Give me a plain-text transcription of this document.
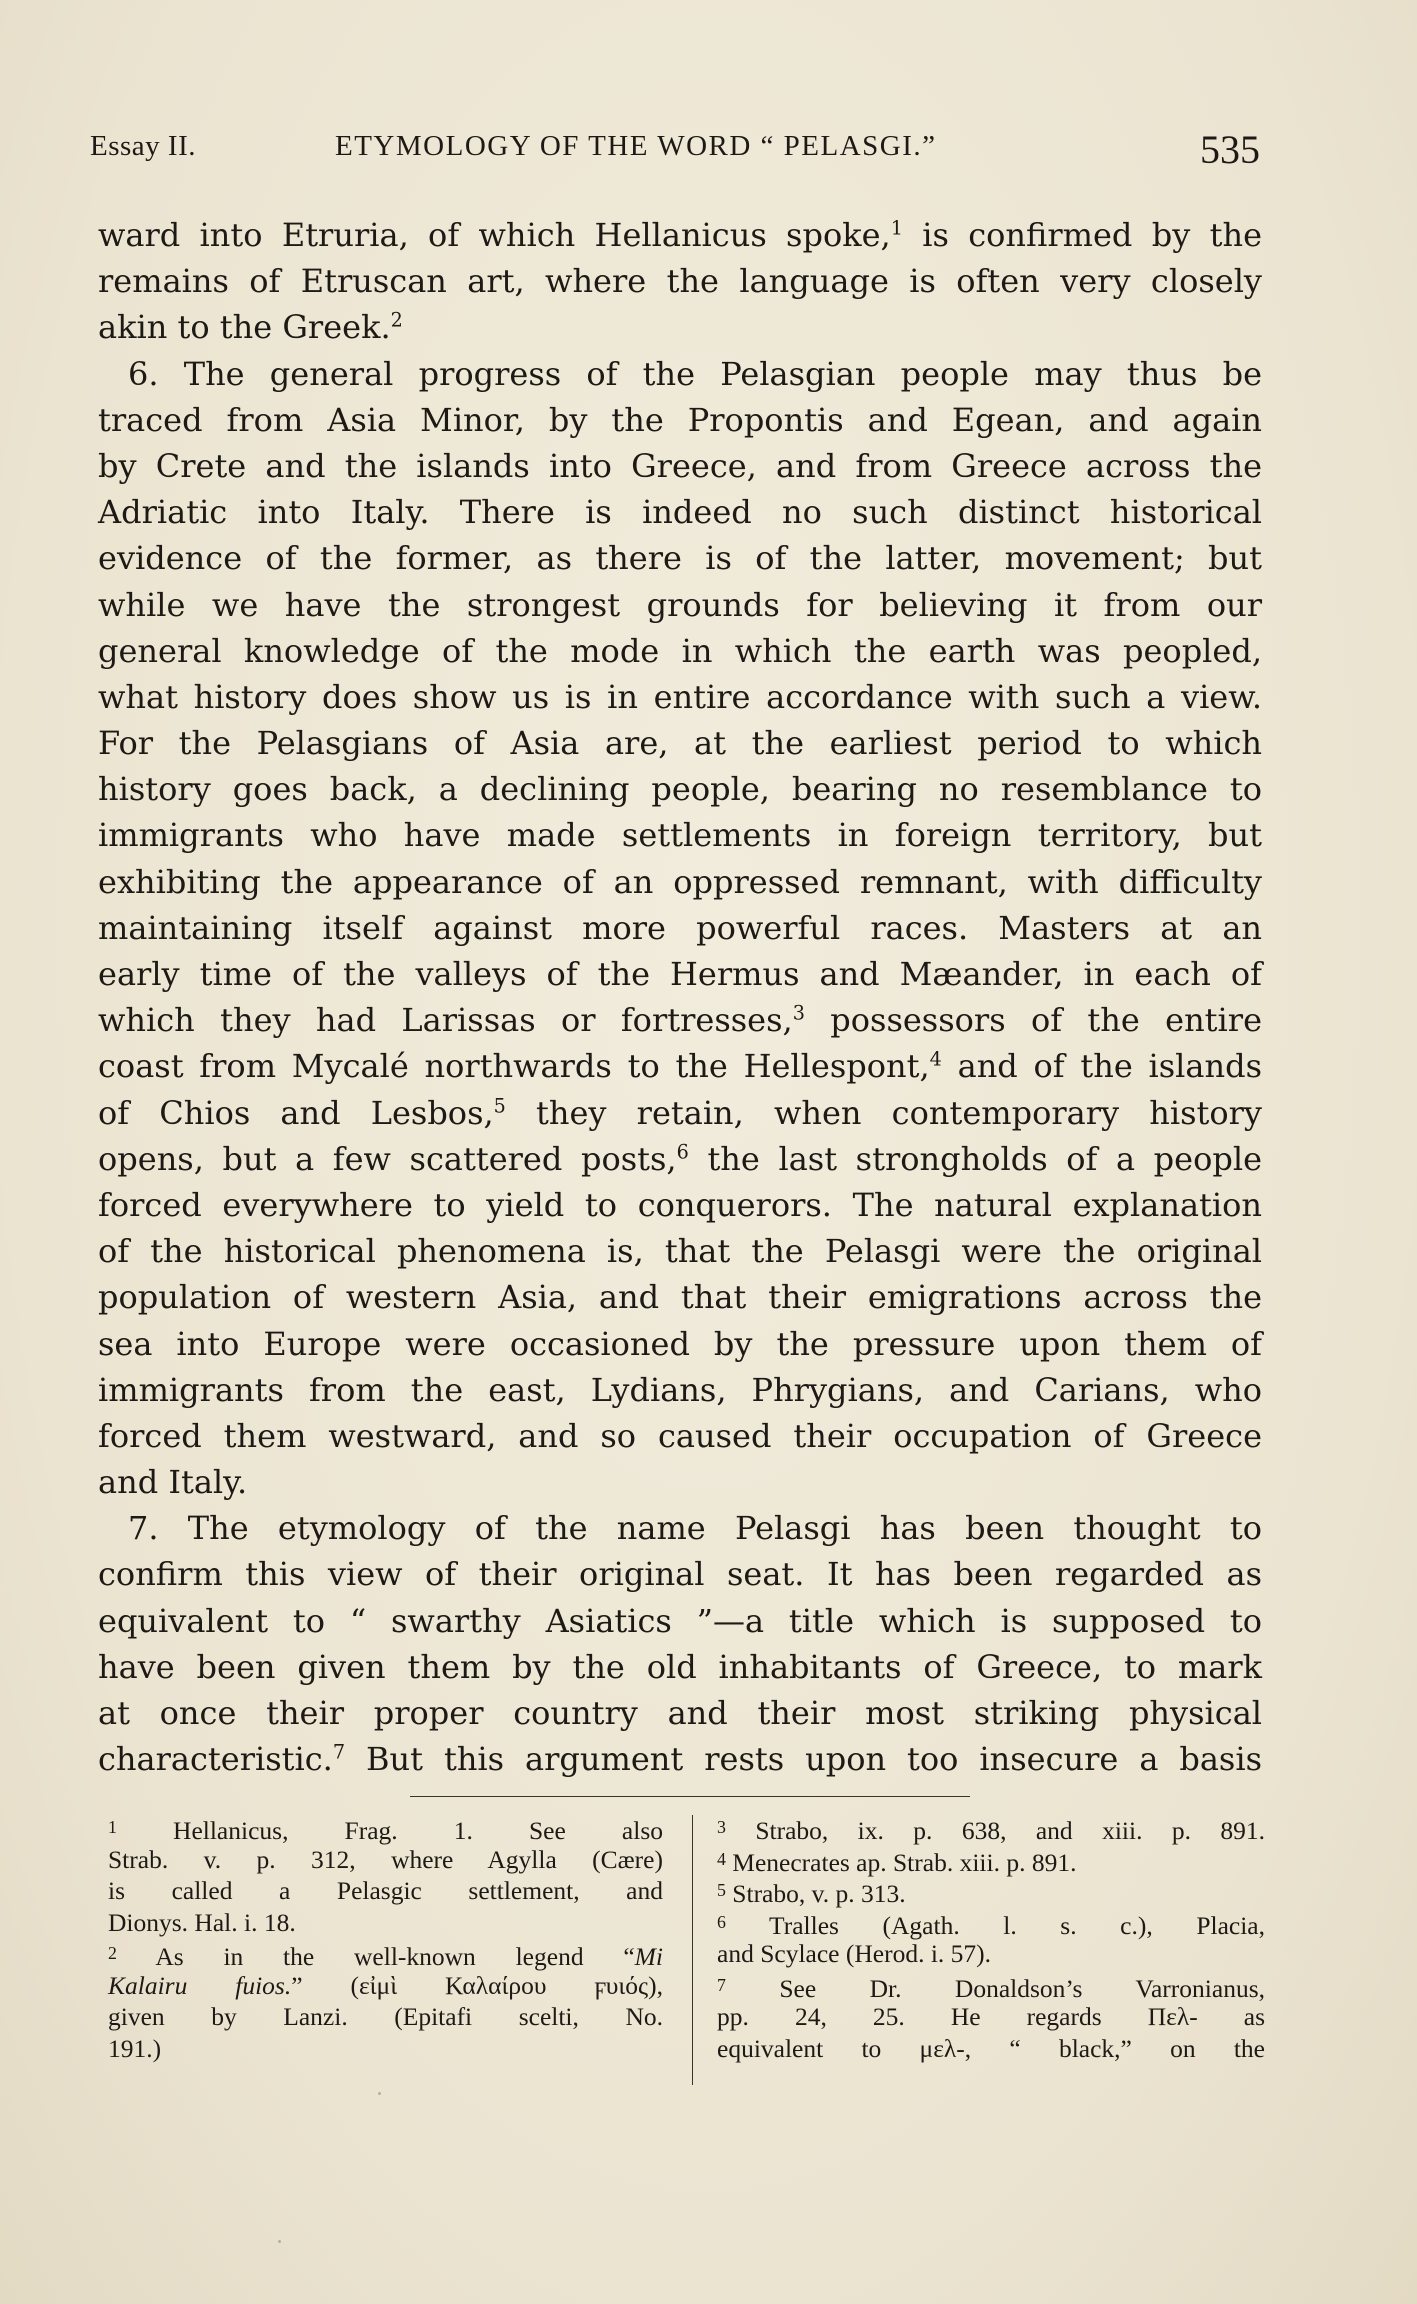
Essay II.	ETYMOLOGY OF THE WORD “ PELASGI.”	535
ward into Etruria, of which Hellanicus spoke,$^1$ is confirmed by the
remains of Etruscan art, where the language is often very closely
akin to the Greek.$^2$
6. The general progress of the Pelasgian people may thus be
traced from Asia Minor, by the Propontis and Egean, and again
by Crete and the islands into Greece, and from Greece across the
Adriatic into Italy. There is indeed no such distinct historical
evidence of the former, as there is of the latter, movement; but
while we have the strongest grounds for believing it from our
general knowledge of the mode in which the earth was peopled,
what history does show us is in entire accordance with such a view.
For the Pelasgians of Asia are, at the earliest period to which
history goes back, a declining people, bearing no resemblance to
immigrants who have made settlements in foreign territory, but
exhibiting the appearance of an oppressed remnant, with difficulty
maintaining itself against more powerful races. Masters at an
early time of the valleys of the Hermus and Mæander, in each of
which they had Larissas or fortresses,$^3$ possessors of the entire
coast from Mycalé northwards to the Hellespont,$^4$ and of the islands
of Chios and Lesbos,$^5$ they retain, when contemporary history
opens, but a few scattered posts,$^6$ the last strongholds of a people
forced everywhere to yield to conquerors. The natural explanation
of the historical phenomena is, that the Pelasgi were the original
population of western Asia, and that their emigrations across the
sea into Europe were occasioned by the pressure upon them of
immigrants from the east, Lydians, Phrygians, and Carians, who
forced them westward, and so caused their occupation of Greece
and Italy.
7. The etymology of the name Pelasgi has been thought to
confirm this view of their original seat. It has been regarded as
equivalent to “ swarthy Asiatics ”—a title which is supposed to
have been given them by the old inhabitants of Greece, to mark
at once their proper country and their most striking physical
characteristic.$^7$ But this argument rests upon too insecure a basis
$^1$ Hellanicus, Frag. 1. See also
Strab. v. p. 312, where Agylla (Cære)
is called a Pelasgic settlement, and
Dionys. Hal. i. 18.
$^2$ As in the well-known legend “Mi
Kalairu fuios.” (εἰμὶ Καλαίρου ϝυιός),
given by Lanzi. (Epitafi scelti, No.
191.)
$^3$ Strabo, ix. p. 638, and xiii. p. 891.
$^4$ Menecrates ap. Strab. xiii. p. 891.
$^5$ Strabo, v. p. 313.
$^6$ Tralles (Agath. l. s. c.), Placia,
and Scylace (Herod. i. 57).
$^7$ See Dr. Donaldson’s Varronianus,
pp. 24, 25. He regards Πελ- as
equivalent to μελ-, “ black,” on the
